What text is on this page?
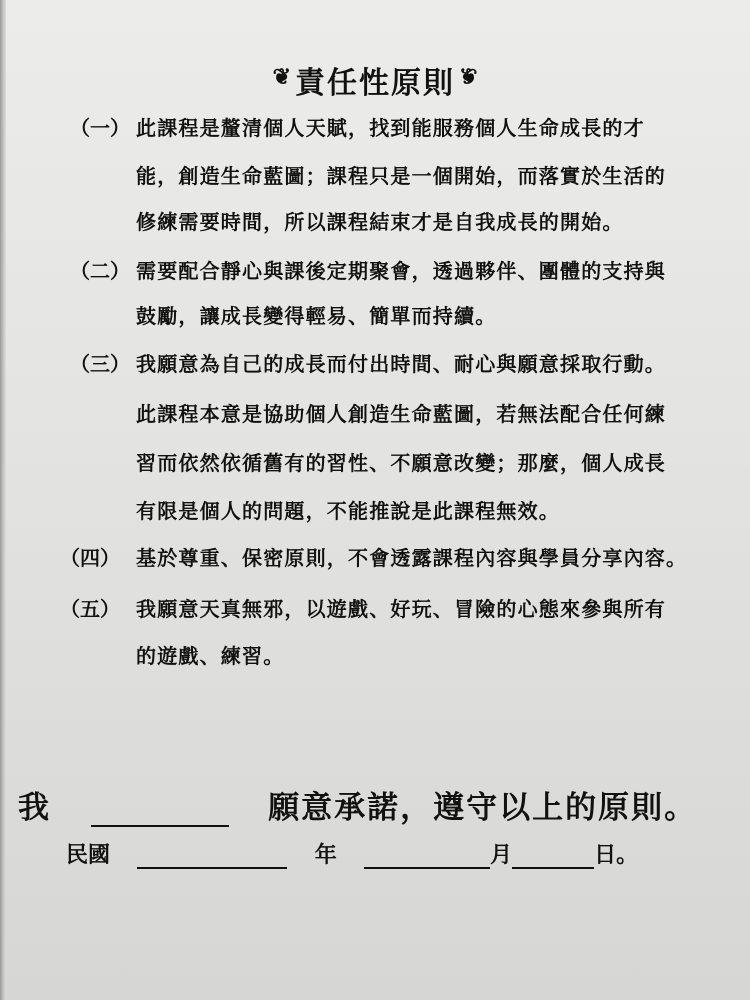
❦責任性原則❦
（一） 此課程是釐清個人天賦，找到能服務個人生命成長的才
能，創造生命藍圖；課程只是一個開始，而落實於生活的
修練需要時間，所以課程結束才是自我成長的開始。
（二） 需要配合靜心與課後定期聚會，透過夥伴、團體的支持與
鼓勵，讓成長變得輕易、簡單而持續。
（三） 我願意為自己的成長而付出時間、耐心與願意採取行動。
此課程本意是協助個人創造生命藍圖，若無法配合任何練
習而依然依循舊有的習性、不願意改變；那麼，個人成長
有限是個人的問題，不能推說是此課程無效。
（四） 基於尊重、保密原則，不會透露課程內容與學員分享內容。
（五） 我願意天真無邪，以遊戲、好玩、冒險的心態來參與所有
的遊戲、練習。
我	願意承諾，遵守以上的原則。
民國	年	月	日。
